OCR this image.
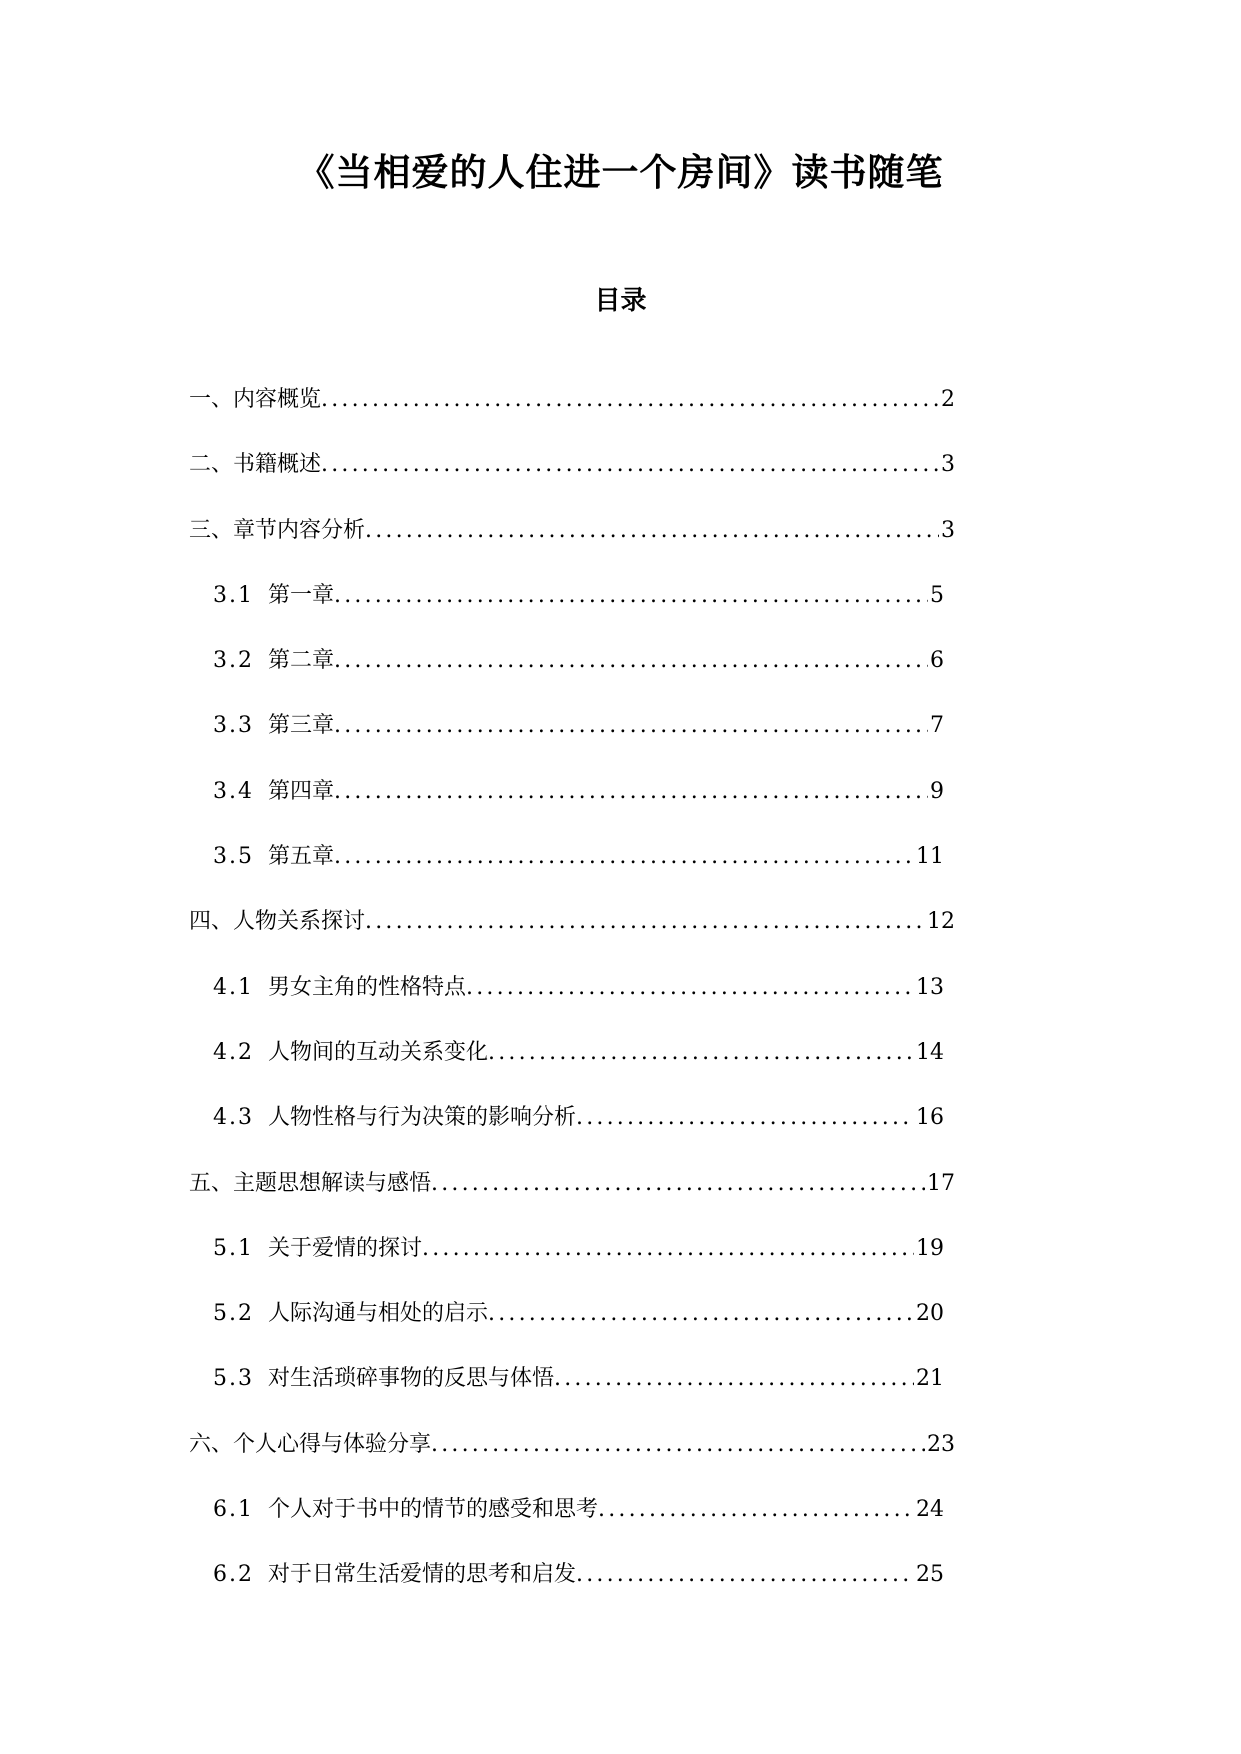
《当相爱的人住进一个房间》读书随笔
目录
一、内容概览 .....	2
二、书籍概述 .....	3
三、章节内容分析 .....	3
3.1 第一章 .....	5
3.2 第二章 .....	6
3.3 第三章 .....	7
3.4 第四章 .....	9
3.5 第五章 .....	11
四、人物关系探讨 .....	12
4.1 男女主角的性格特点 .....	13
4.2 人物间的互动关系变化 .....	14
4.3 人物性格与行为决策的影响分析 .....	16
五、主题思想解读与感悟 .....	17
5.1 关于爱情的探讨 .....	19
5.2 人际沟通与相处的启示 .....	20
5.3 对生活琐碎事物的反思与体悟 .....	21
六、个人心得与体验分享 .....	23
6.1 个人对于书中的情节的感受和思考 .....	24
6.2 对于日常生活爱情的思考和启发 .....	25
